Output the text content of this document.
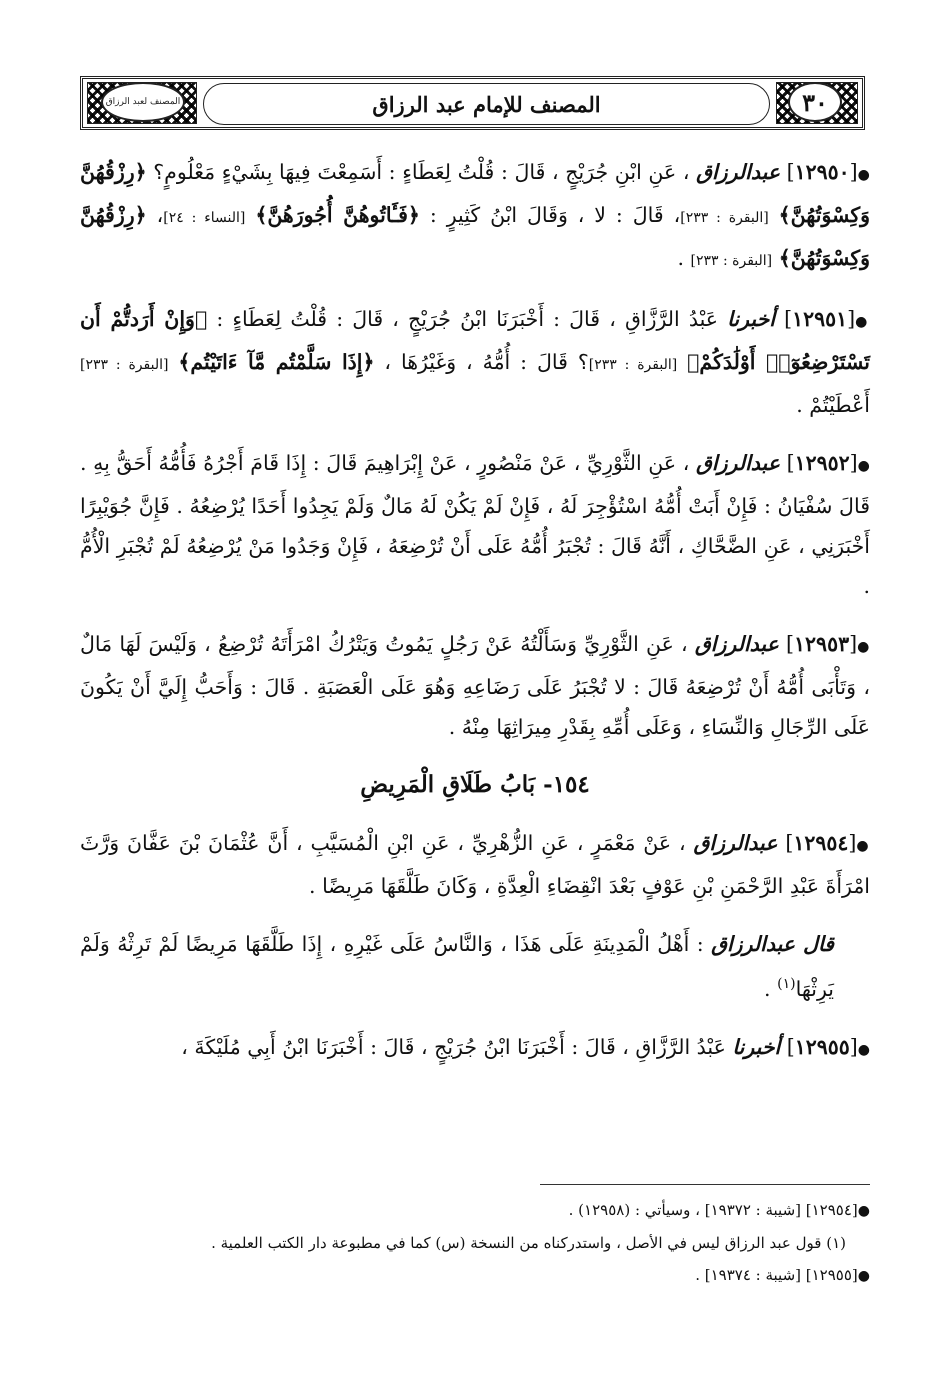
المصنف لعبد الرزاق	المصنف للإمام عبد الرزاق	٣٠

●[١٢٩٥٠] عبدالرزاق ، عَنِ ابْنِ جُرَيْجٍ ، قَالَ : قُلْتُ لِعَطَاءٍ : أَسَمِعْتَ فِيهَا بِشَيْءٍ مَعْلُومٍ؟ ﴿رِزْقُهُنَّ وَكِسْوَتُهُنَّ﴾ [البقرة : ٢٣٣]، قَالَ : لا ، وَقَالَ ابْنُ كَثِيرٍ : ﴿فَـَٔاتُوهُنَّ أُجُورَهُنَّ﴾ [النساء : ٢٤]، ﴿رِزْقُهُنَّ وَكِسْوَتُهُنَّ﴾ [البقرة : ٢٣٣] .

●[١٢٩٥١] أخبرنا عَبْدُ الرَّزَّاقِ ، قَالَ : أَخْبَرَنَا ابْنُ جُرَيْجٍ ، قَالَ : قُلْتُ لِعَطَاءٍ : ﴿وَإِنْ أَرَدتُّمْ أَن تَسْتَرْضِعُوٓا۟ أَوْلَٰدَكُمْ﴾ [البقرة : ٢٣٣]؟ قَالَ : أُمُّهُ ، وَغَيْرُهَا ، ﴿إِذَا سَلَّمْتُم مَّآ ءَاتَيْتُم﴾ [البقرة : ٢٣٣] أَعْطَيْتُمْ .

●[١٢٩٥٢] عبدالرزاق ، عَنِ الثَّوْرِيِّ ، عَنْ مَنْصُورٍ ، عَنْ إِبْرَاهِيمَ قَالَ : إِذَا قَامَ أَجْرُهُ فَأُمُّهُ أَحَقُّ بِهِ . قَالَ سُفْيَانُ : فَإِنْ أَبَتْ أُمُّهُ اسْتُؤْجِرَ لَهُ ، فَإِنْ لَمْ يَكُنْ لَهُ مَالٌ وَلَمْ يَجِدُوا أَحَدًا يُرْضِعُهُ . فَإِنَّ جُوَيْبِرًا أَخْبَرَنِي ، عَنِ الضَّحَّاكِ ، أَنَّهُ قَالَ : تُجْبَرُ أُمُّهُ عَلَى أَنْ تُرْضِعَهُ ، فَإِنْ وَجَدُوا مَنْ يُرْضِعُهُ لَمْ تُجْبَرِ الْأُمُّ .

●[١٢٩٥٣] عبدالرزاق ، عَنِ الثَّوْرِيِّ وَسَأَلْتُهُ عَنْ رَجُلٍ يَمُوتُ وَيَتْرُكُ امْرَأَتَهُ تُرْضِعُ ، وَلَيْسَ لَهَا مَالٌ ، وَتَأْبَى أُمُّهُ أَنْ تُرْضِعَهُ قَالَ : لا تُجْبَرُ عَلَى رَضَاعِهِ وَهُوَ عَلَى الْعَصَبَةِ . قَالَ : وَأَحَبُّ إِلَيَّ أَنْ يَكُونَ عَلَى الرِّجَالِ وَالنِّسَاءِ ، وَعَلَى أُمِّهِ بِقَدْرِ مِيرَاثِهَا مِنْهُ .

١٥٤- بَابُ طَلَاقِ الْمَرِيضِ

●[١٢٩٥٤] عبدالرزاق ، عَنْ مَعْمَرٍ ، عَنِ الزُّهْرِيِّ ، عَنِ ابْنِ الْمُسَيَّبِ ، أَنَّ عُثْمَانَ بْنَ عَفَّانَ وَرَّثَ امْرَأَةَ عَبْدِ الرَّحْمَنِ بْنِ عَوْفٍ بَعْدَ انْقِضَاءِ الْعِدَّةِ ، وَكَانَ طَلَّقَهَا مَرِيضًا .

قال عبدالرزاق : أَهْلُ الْمَدِينَةِ عَلَى هَذَا ، وَالنَّاسُ عَلَى غَيْرِهِ ، إِذَا طَلَّقَهَا مَرِيضًا لَمْ تَرِثْهُ وَلَمْ يَرِثْهَا$^{(١)}$ .

●[١٢٩٥٥] أخبرنا عَبْدُ الرَّزَّاقِ ، قَالَ : أَخْبَرَنَا ابْنُ جُرَيْجٍ ، قَالَ : أَخْبَرَنَا ابْنُ أَبِي مُلَيْكَةَ ،

●[١٢٩٥٤] [شيبة : ١٩٣٧٢] ، وسيأتي : (١٢٩٥٨) .

(١) قول عبد الرزاق ليس في الأصل ، واستدركناه من النسخة (س) كما في مطبوعة دار الكتب العلمية .

●[١٢٩٥٥] [شيبة : ١٩٣٧٤] .
